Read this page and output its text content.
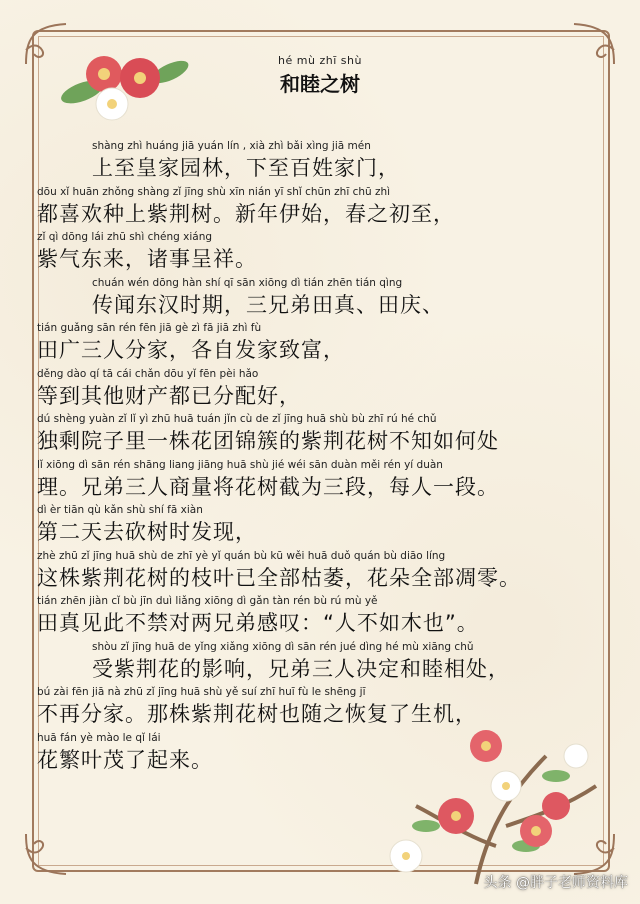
hé mù zhī shù
和睦之树
shàng zhì huáng jiā yuán lín , xià zhì bǎi xìng jiā mén
上至皇家园林，下至百姓家门，
dōu xǐ huān zhǒng shàng zǐ jīng shù xīn nián yī shǐ chūn zhī chū zhì
都喜欢种上紫荆树。新年伊始，春之初至，
zǐ qì dōng lái zhū shì chéng xiáng
紫气东来，诸事呈祥。
chuán wén dōng hàn shí qī sān xiōng dì tián zhēn tián qìng
传闻东汉时期，三兄弟田真、田庆、
tián guǎng sān rén fēn jiā gè zì fā jiā zhì fù
田广三人分家，各自发家致富，
děng dào qí tā cái chǎn dōu yǐ fēn pèi hǎo
等到其他财产都已分配好，
dú shèng yuàn zǐ lǐ yì zhū huā tuán jǐn cù de zǐ jīng huā shù bù zhī rú hé chǔ
独剩院子里一株花团锦簇的紫荆花树不知如何处
lǐ xiōng dì sān rén shāng liang jiāng huā shù jié wéi sān duàn měi rén yí duàn
理。兄弟三人商量将花树截为三段，每人一段。
dì èr tiān qù kǎn shù shí fā xiàn
第二天去砍树时发现，
zhè zhū zǐ jīng huā shù de zhī yè yǐ quán bù kū wěi huā duǒ quán bù diāo líng
这株紫荆花树的枝叶已全部枯萎，花朵全部凋零。
tián zhēn jiàn cǐ bù jīn duì liǎng xiōng dì gǎn tàn rén bù rú mù yě
田真见此不禁对两兄弟感叹：“人不如木也”。
shòu zǐ jīng huā de yǐng xiǎng xiōng dì sān rén jué dìng hé mù xiāng chǔ
受紫荆花的影响，兄弟三人决定和睦相处，
bú zài fēn jiā nà zhū zǐ jīng huā shù yě suí zhī huī fù le shēng jī
不再分家。那株紫荆花树也随之恢复了生机，
huā fán yè mào le qǐ lái
花繁叶茂了起来。
头条 @胖子老师资料库
